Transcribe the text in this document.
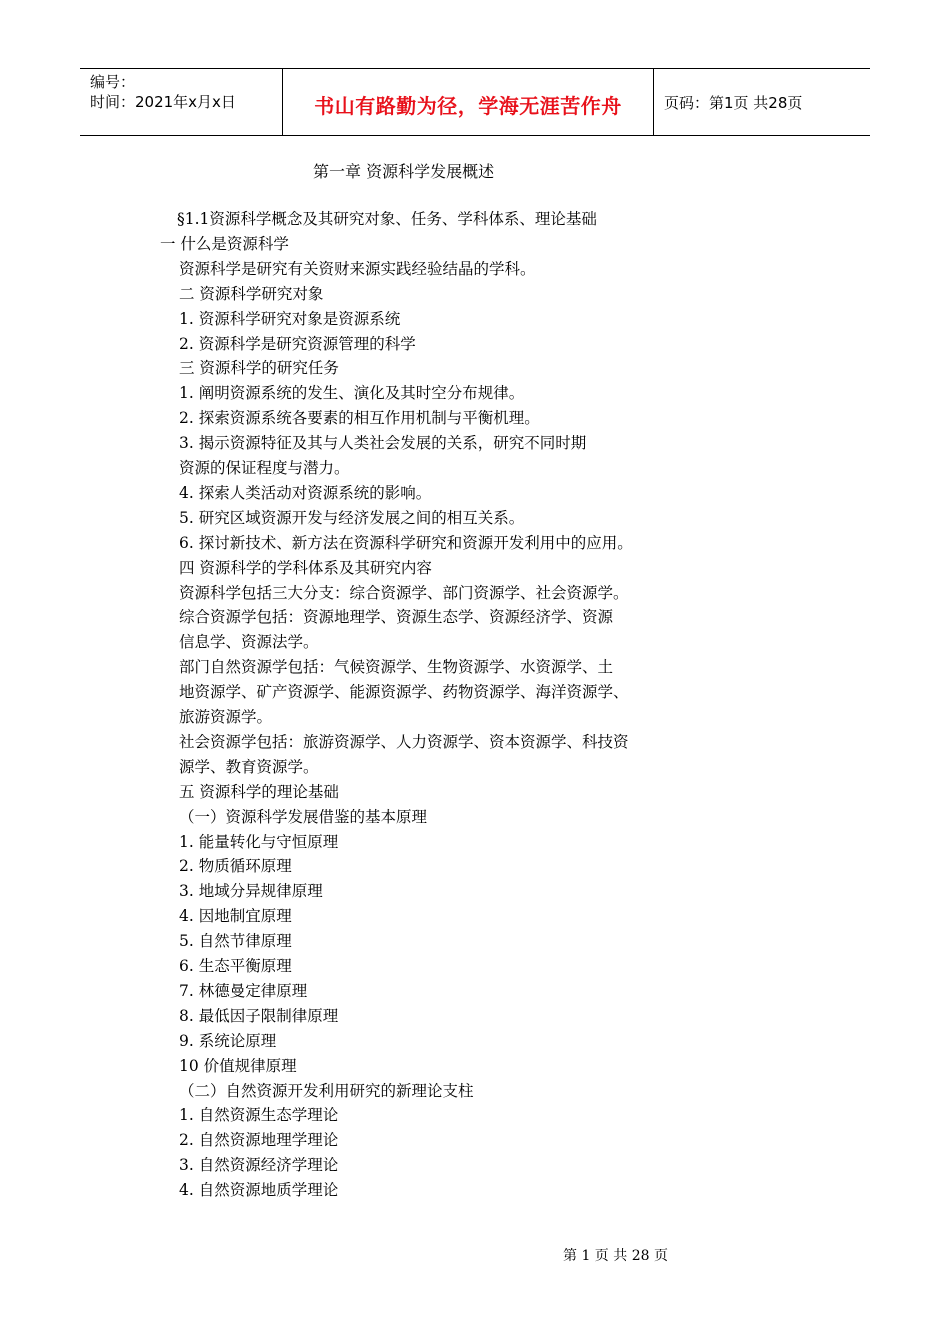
编号：
时间：2021年x月x日	书山有路勤为径，学海无涯苦作舟	页码：第1页 共28页
第一章 资源科学发展概述
§1.1资源科学概念及其研究对象、任务、学科体系、理论基础
一 什么是资源科学
资源科学是研究有关资财来源实践经验结晶的学科。
二 资源科学研究对象
1. 资源科学研究对象是资源系统
2. 资源科学是研究资源管理的科学
三 资源科学的研究任务
1. 阐明资源系统的发生、演化及其时空分布规律。
2. 探索资源系统各要素的相互作用机制与平衡机理。
3. 揭示资源特征及其与人类社会发展的关系，研究不同时期
资源的保证程度与潜力。
4. 探索人类活动对资源系统的影响。
5. 研究区域资源开发与经济发展之间的相互关系。
6. 探讨新技术、新方法在资源科学研究和资源开发利用中的应用。
四 资源科学的学科体系及其研究内容
资源科学包括三大分支：综合资源学、部门资源学、社会资源学。
综合资源学包括：资源地理学、资源生态学、资源经济学、资源
信息学、资源法学。
部门自然资源学包括：气候资源学、生物资源学、水资源学、土
地资源学、矿产资源学、能源资源学、药物资源学、海洋资源学、
旅游资源学。
社会资源学包括：旅游资源学、人力资源学、资本资源学、科技资
源学、教育资源学。
五 资源科学的理论基础
（一）资源科学发展借鉴的基本原理
1. 能量转化与守恒原理
2. 物质循环原理
3. 地域分异规律原理
4. 因地制宜原理
5. 自然节律原理
6. 生态平衡原理
7. 林德曼定律原理
8. 最低因子限制律原理
9. 系统论原理
10 价值规律原理
（二）自然资源开发利用研究的新理论支柱
1. 自然资源生态学理论
2. 自然资源地理学理论
3. 自然资源经济学理论
4. 自然资源地质学理论
第 1 页 共 28 页
